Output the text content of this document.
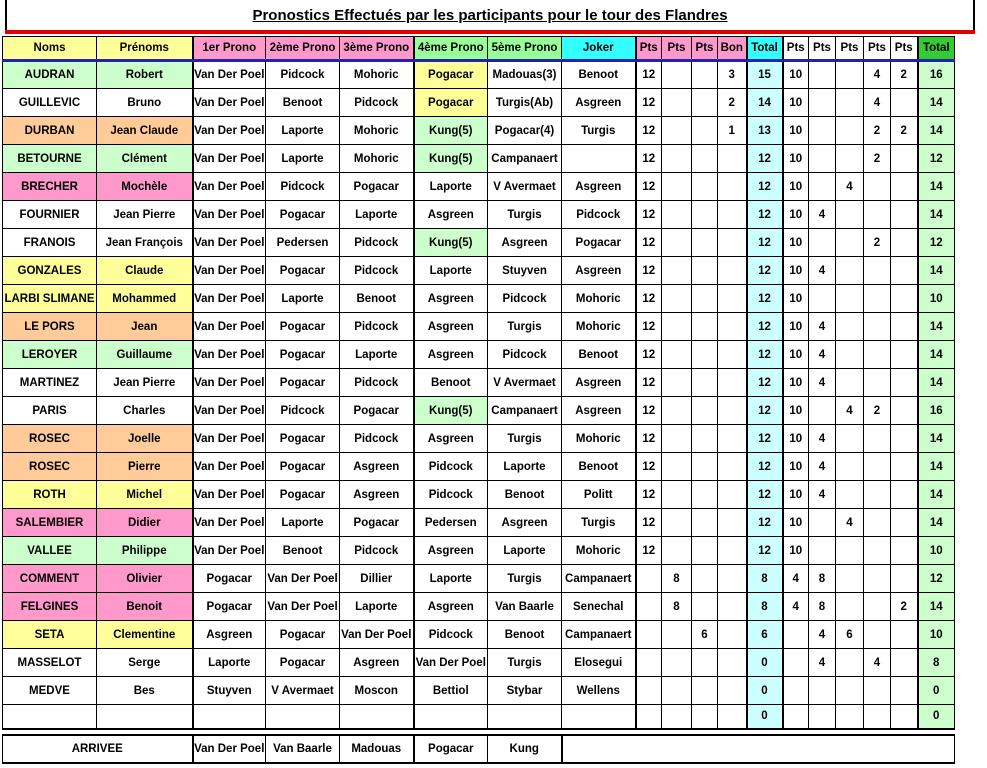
Pronostics Effectués par les participants pour le tour des Flandres
Noms	Prénoms	1er Prono	2ème Prono	3ème Prono	4ème Prono	5ème Prono	Joker	Pts	Pts	Pts	Bon	Total	Pts	Pts	Pts	Pts	Pts	Total
AUDRAN	Robert	Van Der Poel	Pidcock	Mohoric	Pogacar	Madouas(3)	Benoot	12			3	15	10			4	2	16
GUILLEVIC	Bruno	Van Der Poel	Benoot	Pidcock	Pogacar	Turgis(Ab)	Asgreen	12			2	14	10			4		14
DURBAN	Jean Claude	Van Der Poel	Laporte	Mohoric	Kung(5)	Pogacar(4)	Turgis	12			1	13	10			2	2	14
BETOURNE	Clément	Van Der Poel	Laporte	Mohoric	Kung(5)	Campanaert		12				12	10			2		12
BRECHER	Mochèle	Van Der Poel	Pidcock	Pogacar	Laporte	V Avermaet	Asgreen	12				12	10		4			14
FOURNIER	Jean Pierre	Van Der Poel	Pogacar	Laporte	Asgreen	Turgis	Pidcock	12				12	10	4				14
FRANOIS	Jean François	Van Der Poel	Pedersen	Pidcock	Kung(5)	Asgreen	Pogacar	12				12	10			2		12
GONZALES	Claude	Van Der Poel	Pogacar	Pidcock	Laporte	Stuyven	Asgreen	12				12	10	4				14
LARBI SLIMANE	Mohammed	Van Der Poel	Laporte	Benoot	Asgreen	Pidcock	Mohoric	12				12	10					10
LE PORS	Jean	Van Der Poel	Pogacar	Pidcock	Asgreen	Turgis	Mohoric	12				12	10	4				14
LEROYER	Guillaume	Van Der Poel	Pogacar	Laporte	Asgreen	Pidcock	Benoot	12				12	10	4				14
MARTINEZ	Jean Pierre	Van Der Poel	Pogacar	Pidcock	Benoot	V Avermaet	Asgreen	12				12	10	4				14
PARIS	Charles	Van Der Poel	Pidcock	Pogacar	Kung(5)	Campanaert	Asgreen	12				12	10		4	2		16
ROSEC	Joelle	Van Der Poel	Pogacar	Pidcock	Asgreen	Turgis	Mohoric	12				12	10	4				14
ROSEC	Pierre	Van Der Poel	Pogacar	Asgreen	Pidcock	Laporte	Benoot	12				12	10	4				14
ROTH	Michel	Van Der Poel	Pogacar	Asgreen	Pidcock	Benoot	Politt	12				12	10	4				14
SALEMBIER	Didier	Van Der Poel	Laporte	Pogacar	Pedersen	Asgreen	Turgis	12				12	10		4			14
VALLEE	Philippe	Van Der Poel	Benoot	Pidcock	Asgreen	Laporte	Mohoric	12				12	10					10
COMMENT	Olivier	Pogacar	Van Der Poel	Dillier	Laporte	Turgis	Campanaert		8			8	4	8				12
FELGINES	Benoit	Pogacar	Van Der Poel	Laporte	Asgreen	Van Baarle	Senechal		8			8	4	8			2	14
SETA	Clementine	Asgreen	Pogacar	Van Der Poel	Pidcock	Benoot	Campanaert			6		6		4	6			10
MASSELOT	Serge	Laporte	Pogacar	Asgreen	Van Der Poel	Turgis	Elosegui					0		4		4		8
MEDVE	Bes	Stuyven	V Avermaet	Moscon	Bettiol	Stybar	Wellens					0						0
												0						0

ARRIVEE		Van Der Poel	Van Baarle	Madouas	Pogacar	Kung												
